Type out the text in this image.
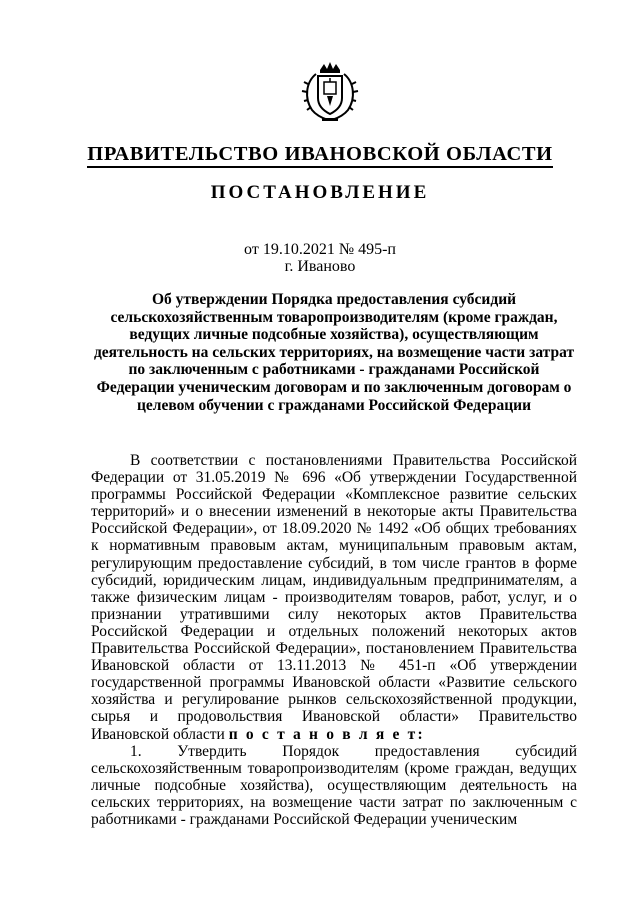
ПРАВИТЕЛЬСТВО ИВАНОВСКОЙ ОБЛАСТИ
ПОСТАНОВЛЕНИЕ
от 19.10.2021 № 495-п
г. Иваново
Об утверждении Порядка предоставления субсидий сельскохозяйственным товаропроизводителям (кроме граждан, ведущих личные подсобные хозяйства), осуществляющим деятельность на сельских территориях, на возмещение части затрат по заключенным с работниками - гражданами Российской Федерации ученическим договорам и по заключенным договорам о целевом обучении с гражданами Российской Федерации

В соответствии с постановлениями Правительства Российской Федерации от 31.05.2019 № 696 «Об утверждении Государственной программы Российской Федерации «Комплексное развитие сельских территорий» и о внесении изменений в некоторые акты Правительства Российской Федерации», от 18.09.2020 № 1492 «Об общих требованиях к нормативным правовым актам, муниципальным правовым актам, регулирующим предоставление субсидий, в том числе грантов в форме субсидий, юридическим лицам, индивидуальным предпринимателям, а также физическим лицам - производителям товаров, работ, услуг, и о признании утратившими силу некоторых актов Правительства Российской Федерации и отдельных положений некоторых актов Правительства Российской Федерации», постановлением Правительства Ивановской области от 13.11.2013 № 451-п «Об утверждении государственной программы Ивановской области «Развитие сельского хозяйства и регулирование рынков сельскохозяйственной продукции, сырья и продовольствия Ивановской области» Правительство Ивановской области п о с т а н о в л я е т:

1. Утвердить Порядок предоставления субсидий сельскохозяйственным товаропроизводителям (кроме граждан, ведущих личные подсобные хозяйства), осуществляющим деятельность на сельских территориях, на возмещение части затрат по заключенным с работниками - гражданами Российской Федерации ученическим
